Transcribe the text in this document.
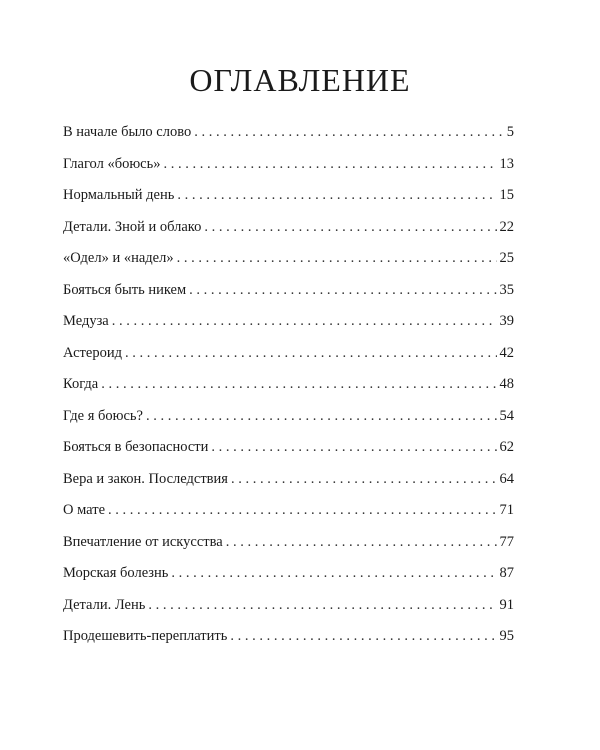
ОГЛАВЛЕНИЕ
В начале было слово . . .	5
Глагол «боюсь» . . .	13
Нормальный день . . .	15
Детали. Зной и облако . . .	22
«Одел» и «надел» . . .	25
Бояться быть никем . . .	35
Медуза . . .	39
Астероид . . .	42
Когда . . .	48
Где я боюсь? . . .	54
Бояться в безопасности . . .	62
Вера и закон. Последствия . . .	64
О мате . . .	71
Впечатление от искусства . . .	77
Морская болезнь . . .	87
Детали. Лень . . .	91
Продешевить-переплатить . . .	95
